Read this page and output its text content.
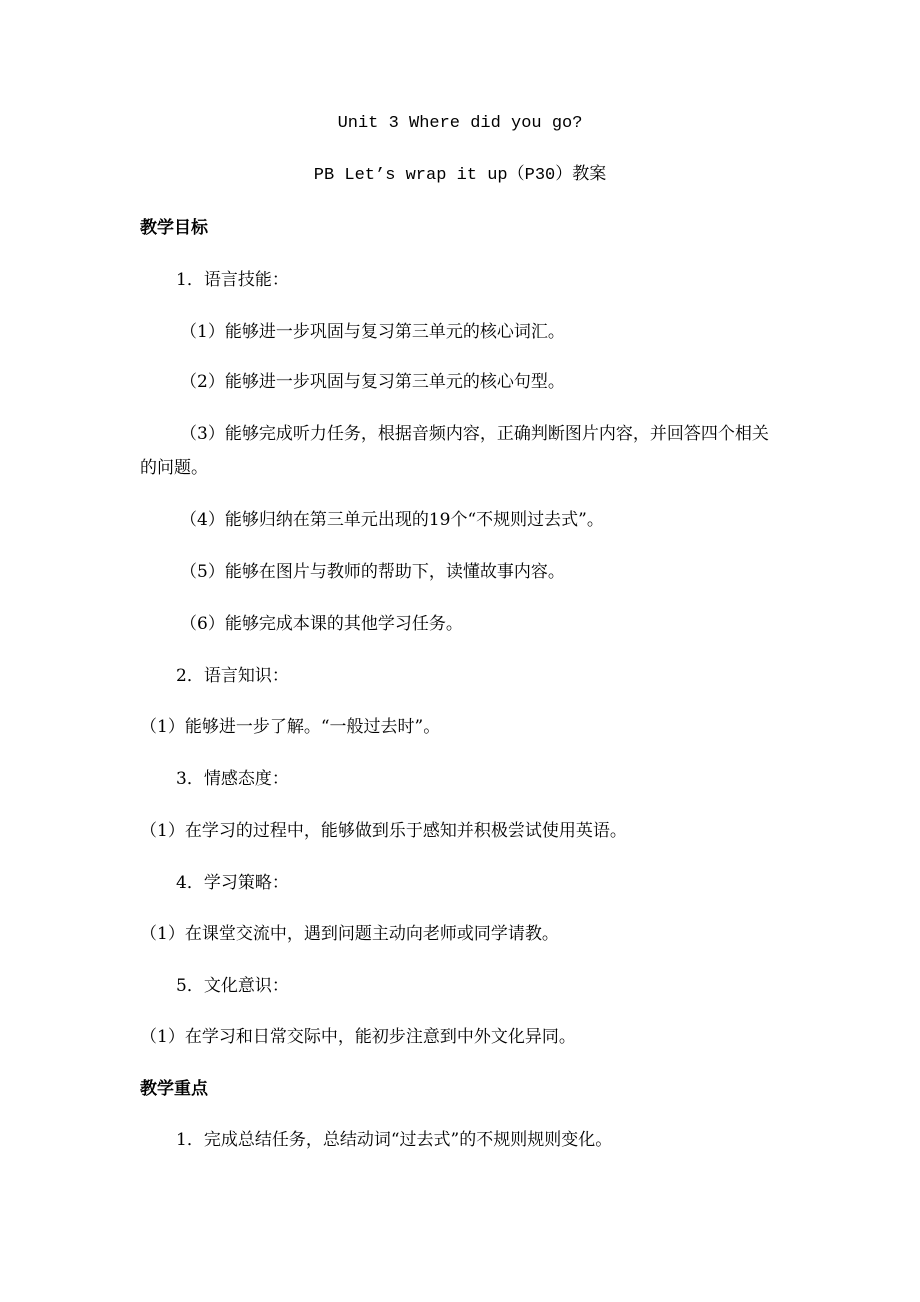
Unit 3 Where did you go?
PB Let’s wrap it up（P30）教案
教学目标
1．语言技能：
（1）能够进一步巩固与复习第三单元的核心词汇。
（2）能够进一步巩固与复习第三单元的核心句型。
（3）能够完成听力任务，根据音频内容，正确判断图片内容，并回答四个相关的问题。
（4）能够归纳在第三单元出现的19个“不规则过去式”。
（5）能够在图片与教师的帮助下，读懂故事内容。
（6）能够完成本课的其他学习任务。
2．语言知识：
（1）能够进一步了解。“一般过去时”。
3．情感态度：
（1）在学习的过程中，能够做到乐于感知并积极尝试使用英语。
4．学习策略：
（1）在课堂交流中，遇到问题主动向老师或同学请教。
5．文化意识：
（1）在学习和日常交际中，能初步注意到中外文化异同。
教学重点
1．完成总结任务，总结动词“过去式”的不规则规则变化。
